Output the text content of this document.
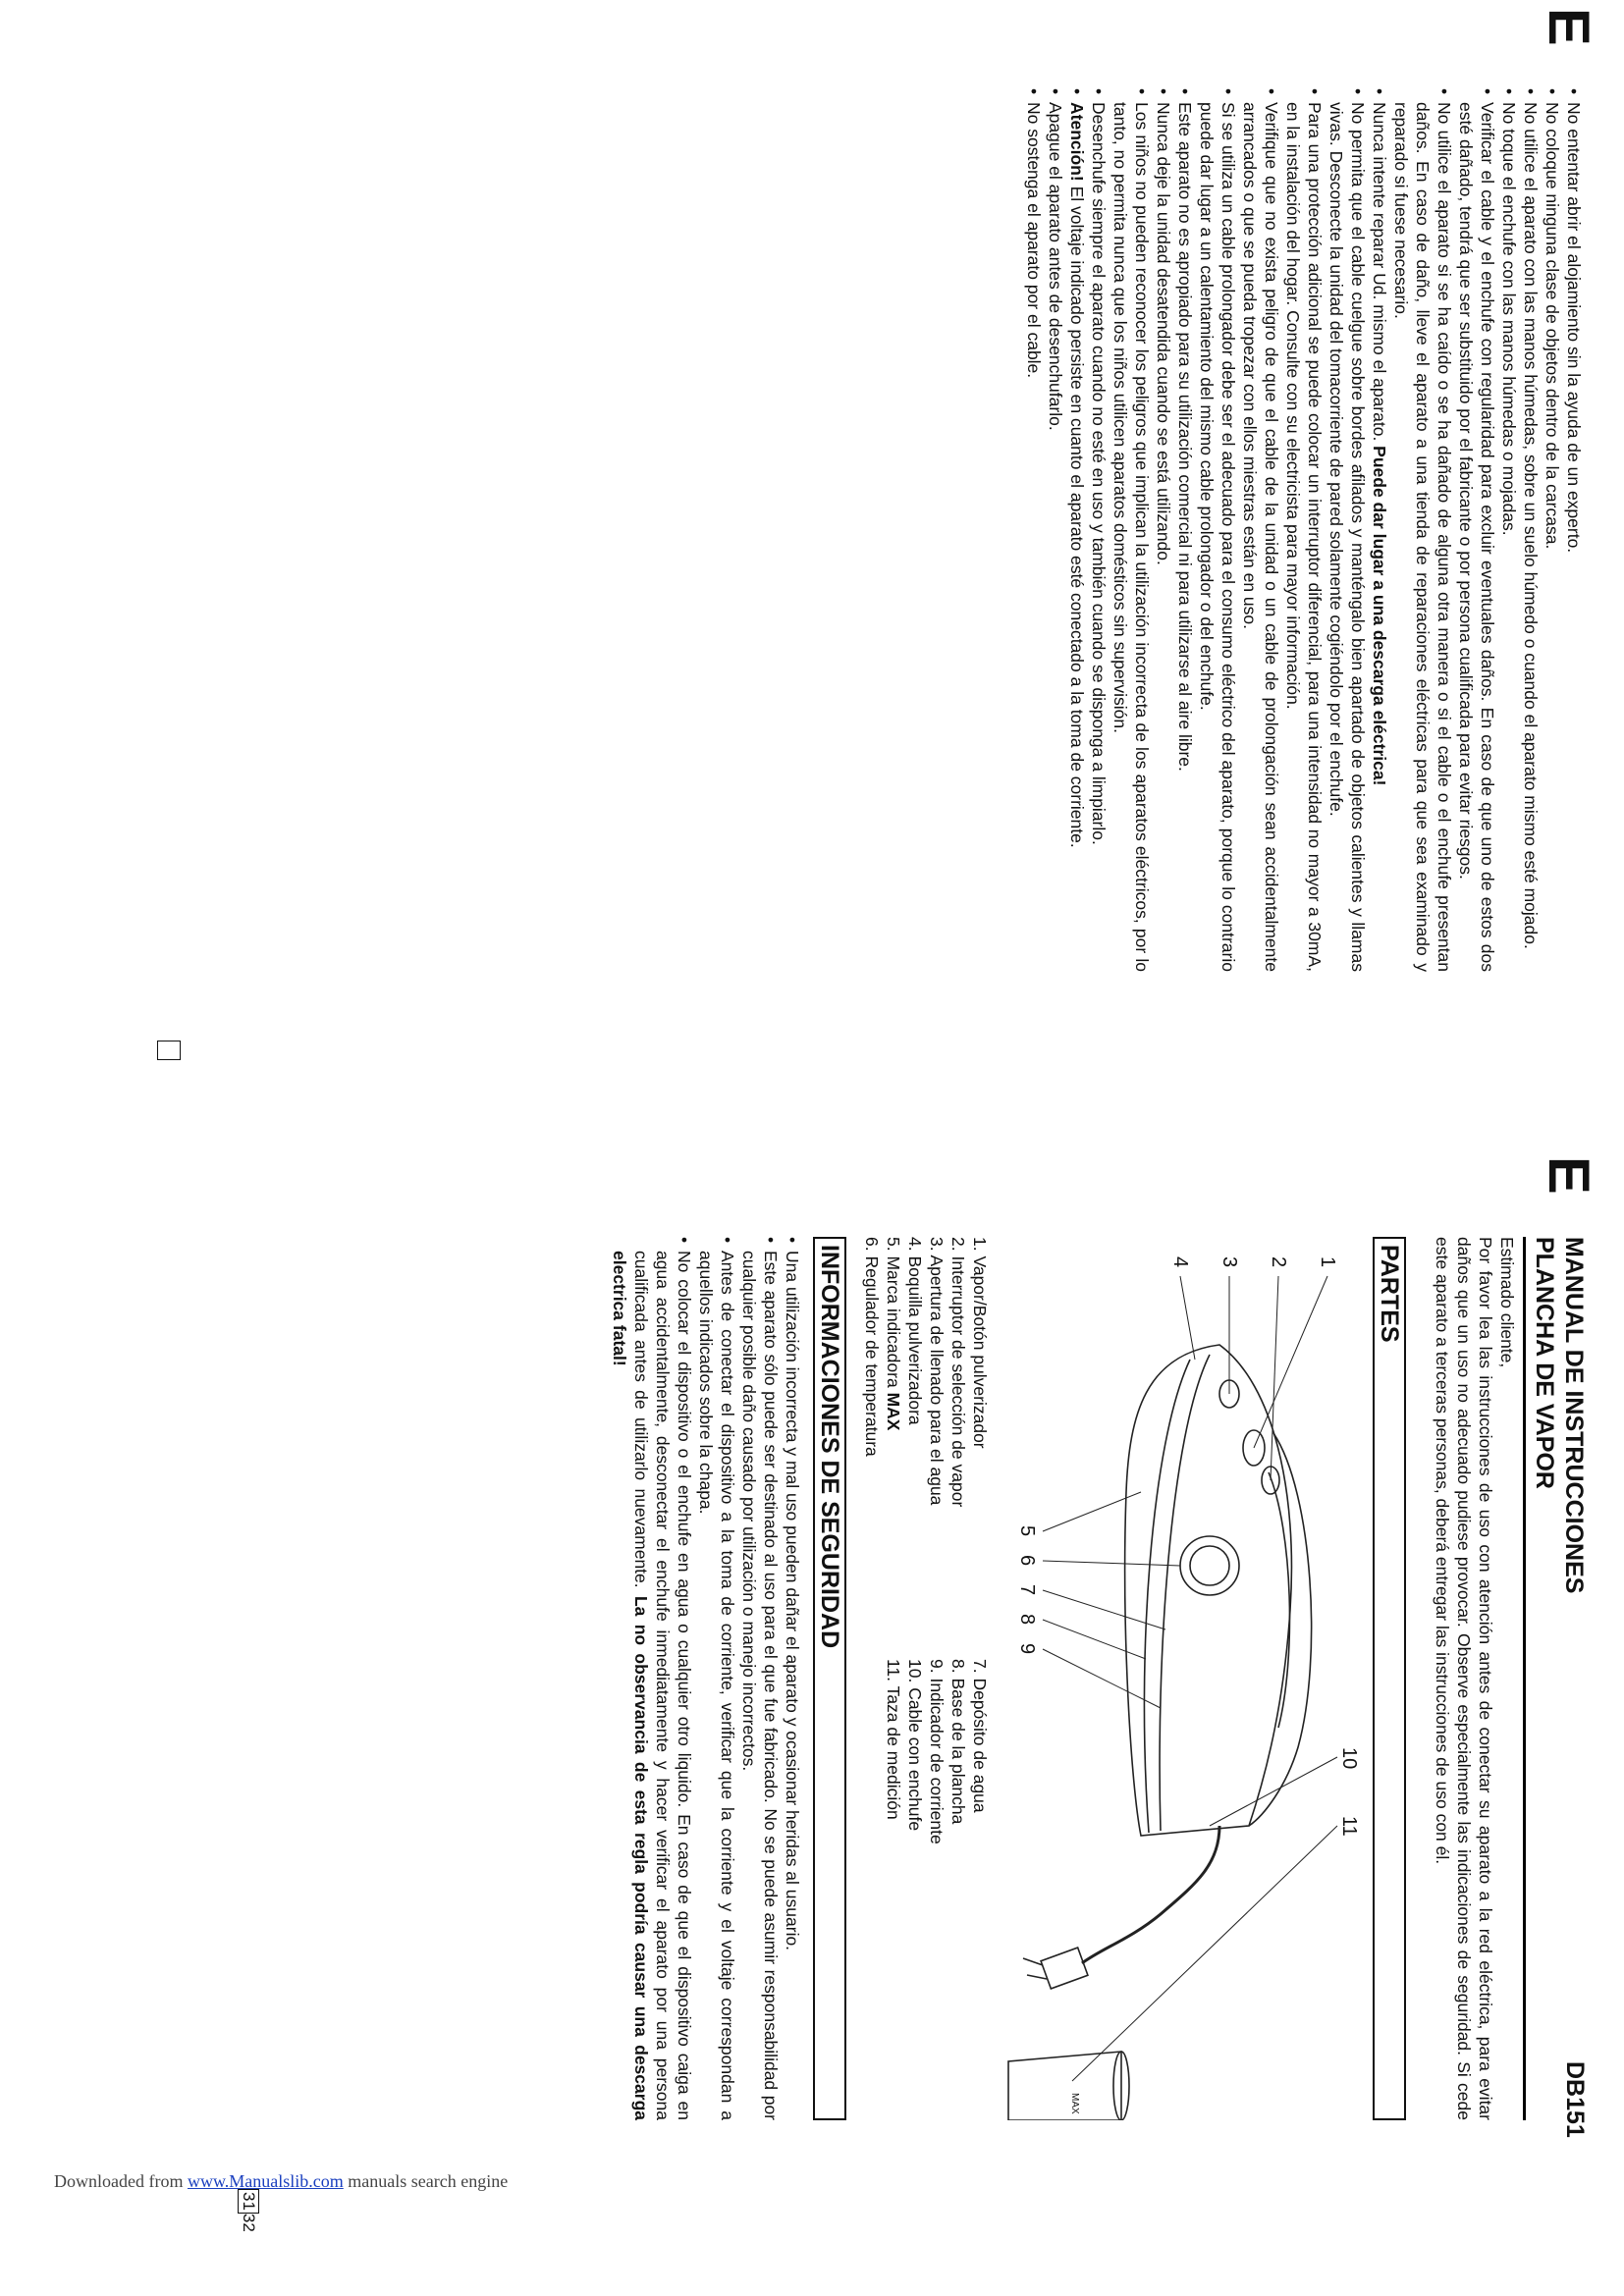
E
MANUAL DE INSTRUCCIONES
DB151
PLANCHA DE VAPOR
Estimado cliente,
Por favor lea las instrucciones de uso con atención antes de conectar su aparato a la red eléctrica, para evitar daños que un uso no adecuado pudiese provocar. Observe especialmente las indicaciones de seguridad. Si cede este aparato a terceras personas, deberá entregar las instrucciones de uso con él.
PARTES
1
2
3
4
5
6
7
8
9
10
11
MAX
1. Vapor/Botón pulverizador
2. Interruptor de selección de vapor
3. Apertura de llenado para el agua
4. Boquilla pulverizadora
5. Marca indicadora MAX
6. Regulador de temperatura
7. Depósito de agua
8. Base de la plancha
9. Indicador de corriente
10. Cable con enchufe
11. Taza de medición
INFORMACIONES DE SEGURIDAD
• Una utilización incorrecta y mal uso pueden dañar el aparato y ocasionar heridas al usuario.
• Este aparato sólo puede ser destinado al uso para el que fue fabricado. No se puede asumir responsabilidad por cualquier posible daño causado por utilización o manejo incorrectos.
• Antes de conectar el dispositivo a la toma de corriente, verificar que la corriente y el voltaje correspondan a aquellos indicados sobre la chapa.
• No colocar el dispositivo o el enchufe en agua o cualquier otro liquido. En caso de que el dispositivo caiga en agua accidentalmente, desconectar el enchufe inmediatamente y hacer verificar el aparato por una persona cualificada antes de utilizarlo nuevamente. La no observancia de esta regla podría causar una descarga electrica fatal!
3132
E
• No ententar abrir el alojamiento sin la ayuda de un experto.
• No coloque ninguna clase de objetos dentro de la carcasa.
• No utilice el aparato con las manos húmedas, sobre un suelo húmedo o cuando el aparato mismo esté mojado.
• No toque el enchufe con las manos húmedas o mojadas.
• Verificar el cable y el enchufe con regularidad para excluir eventuales daños. En caso de que uno de estos dos esté dañado, tendrá que ser substituido por el fabricante o por persona cualificada para evitar riesgos.
• No utilice el aparato si se ha caído o se ha dañado de alguna otra manera o si el cable o el enchufe presentan daños. En caso de daño, lleve el aparato a una tienda de reparaciones eléctricas para que sea examinado y reparado si fuese necesario.
• Nunca intente reparar Ud. mismo el aparato. Puede dar lugar a una descarga eléctrica!
• No permita que el cable cuelgue sobre bordes afilados y manténgalo bien apartado de objetos calientes y llamas vivas. Desconecte la unidad del tomacorriente de pared solamente cogiéndolo por el enchufe.
• Para una protección adicional se puede colocar un interruptor diferencial, para una intensidad no mayor a 30mA, en la instalación del hogar. Consulte con su electricista para mayor información.
• Verifique que no exista peligro de que el cable de la unidad o un cable de prolongación sean accidentalmente arrancados o que se pueda tropezar con ellos miestras están en uso.
• Si se utiliza un cable prolongador debe ser el adecuado para el consumo eléctrico del aparato, porque lo contrario puede dar lugar a un calentamiento del mismo cable prolongador o del enchufe.
• Este aparato no es apropiado para su utilización comercial ni para utilizarse al aire libre.
• Nunca deje la unidad desatendida cuando se está utilizando.
• Los niños no pueden reconocer los peligros que implican la utilización incorrecta de los aparatos eléctricos, por lo tanto, no permita nunca que los niños utilicen aparatos domésticos sin supervisión.
• Desenchufe siempre el aparato cuando no esté en uso y también cuando se disponga a limpiarlo.
• Atención! El voltaje indicado persiste en cuanto el aparato esté conectado a la toma de corriente.
• Apague el aparato antes de desenchufarlo.
• No sostenga el aparato por el cable.
Downloaded from www.Manualslib.com manuals search engine
